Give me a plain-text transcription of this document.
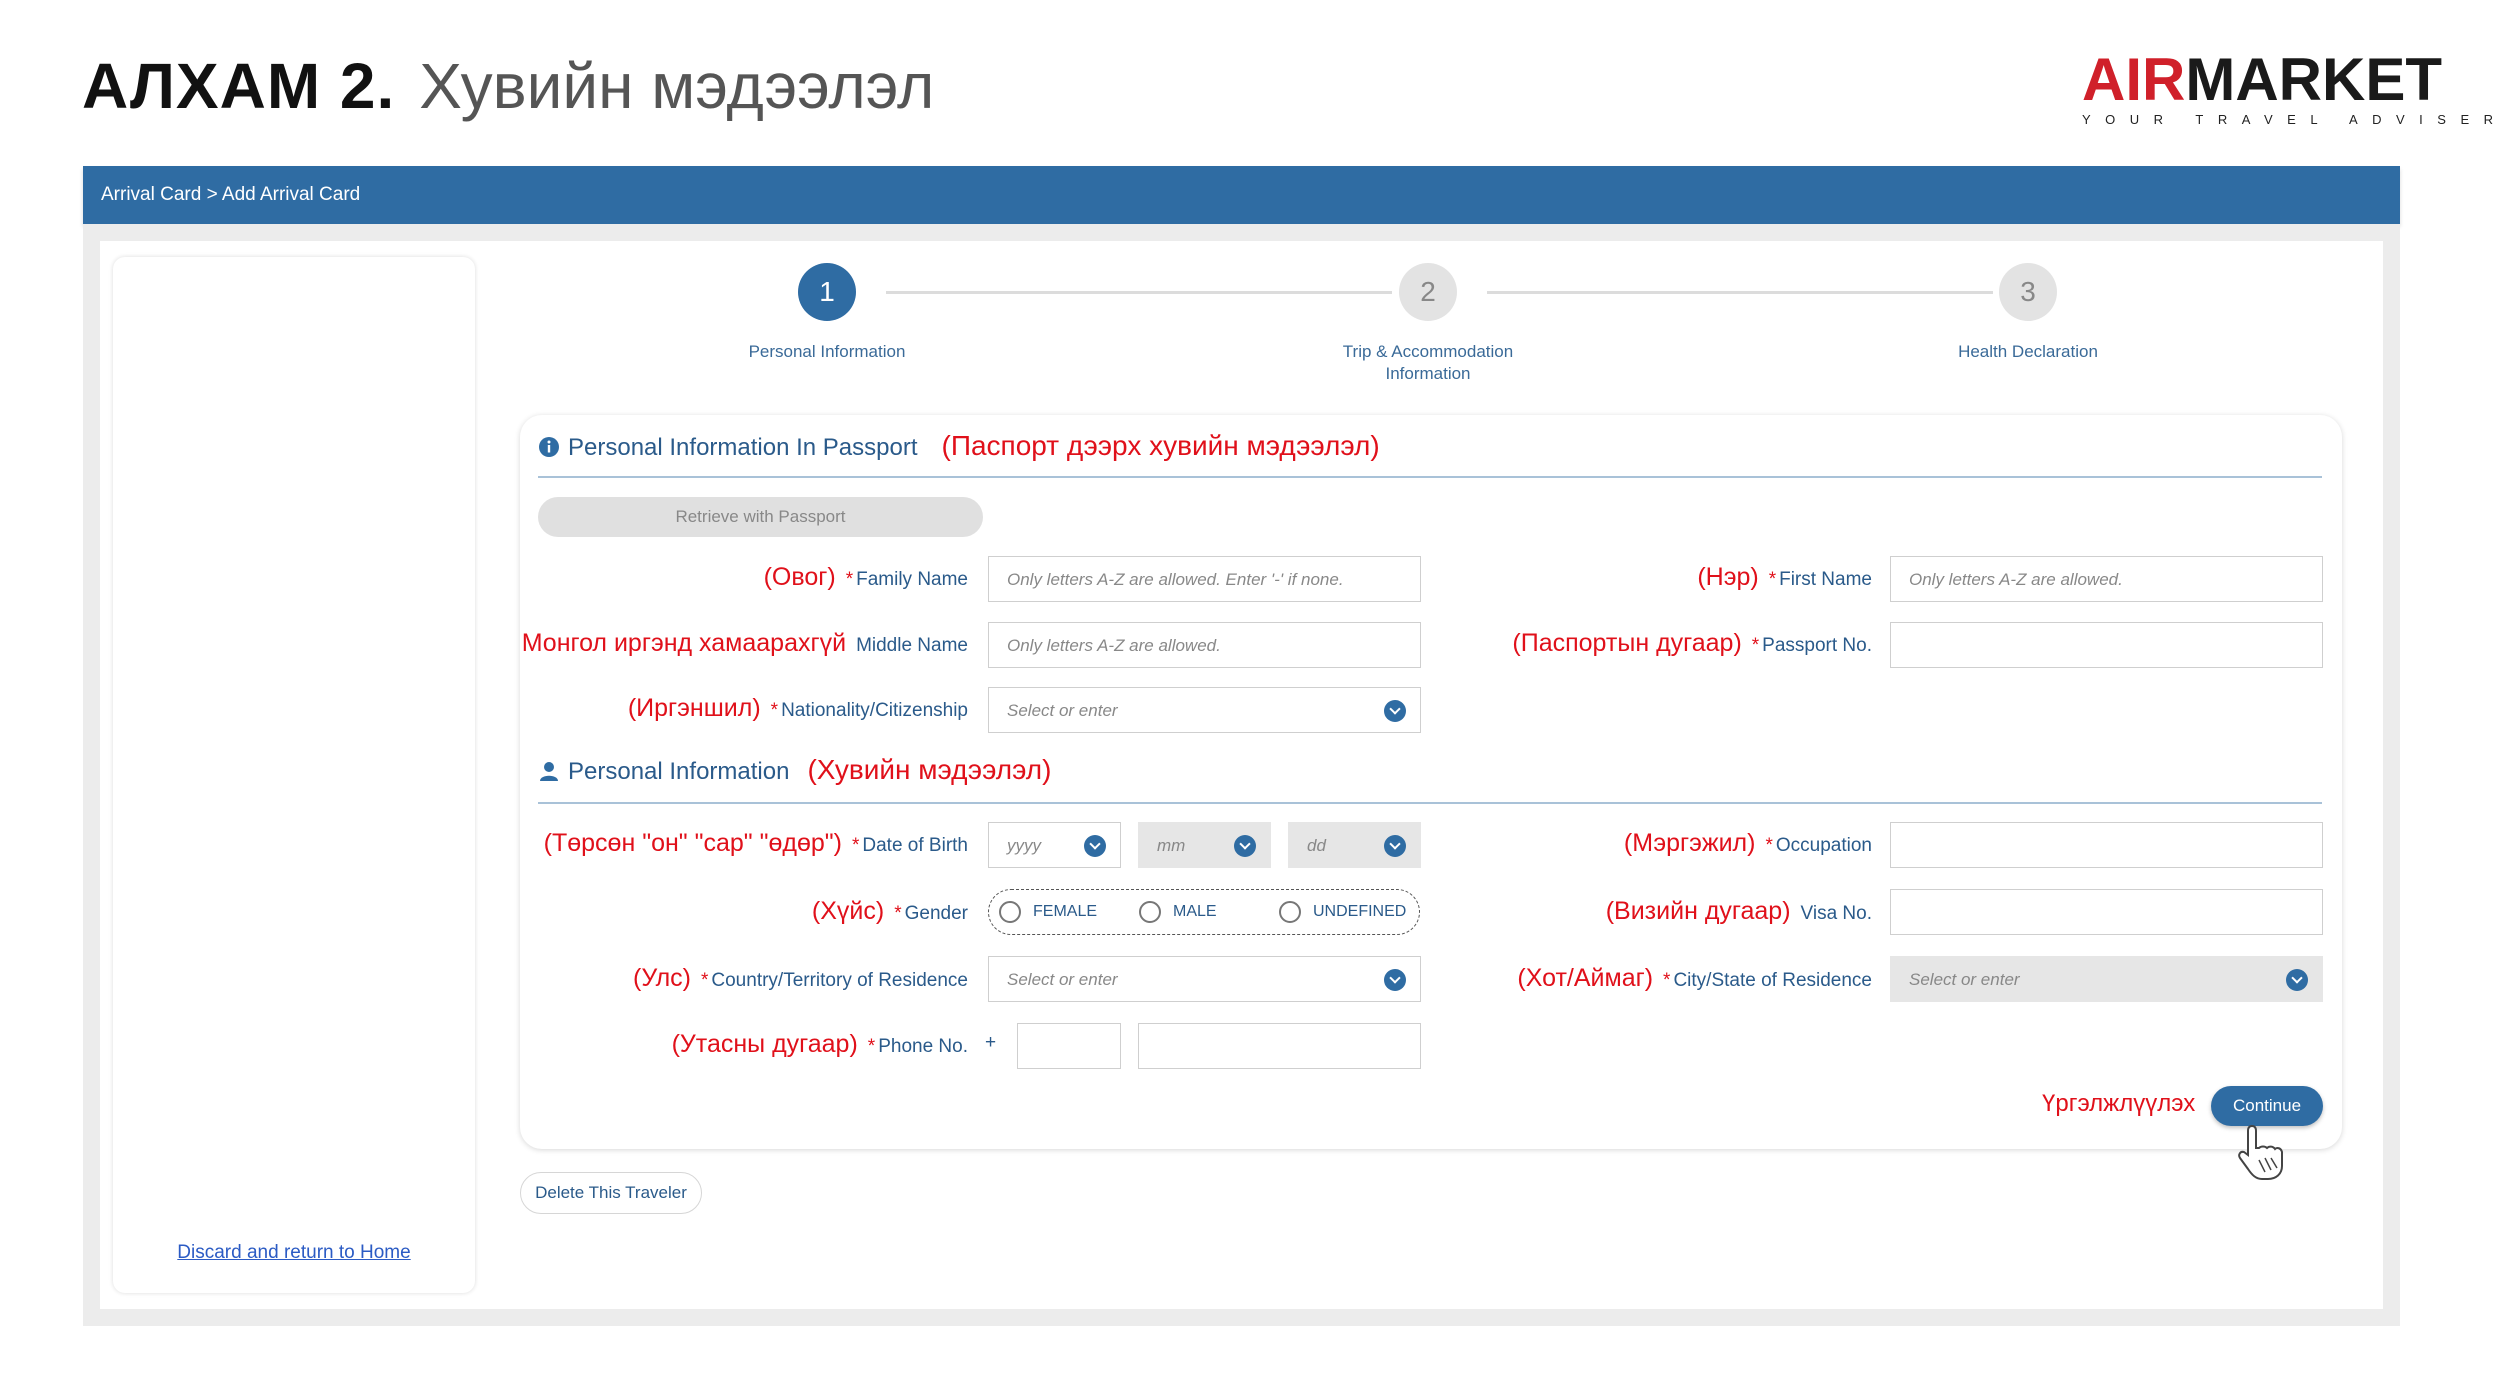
АЛХАМ 2. Хувийн мэдээлэл	AIRMARKET
YOUR TRAVEL ADVISER
Arrival Card > Add Arrival Card
Discard and return to Home
1	2	3
Personal Information	Trip & Accommodation
Information
Health Declaration
Personal Information In Passport (Паспорт дээрх хувийн мэдээлэл)
Retrieve with Passport
(Овог) * Family Name	Only letters A-Z are allowed. Enter '-' if none.	(Нэр) * First Name	Only letters A-Z are allowed.
Монгол иргэнд хамаарахгүй Middle Name	Only letters A-Z are allowed.	(Паспортын дугаар) * Passport No.
(Иргэншил) * Nationality/Citizenship	Select or enter
Personal Information (Хувийн мэдээлэл)
(Төрсөн "он" "сар" "өдөр") * Date of Birth	yyyy	mm	dd	(Мэргэжил) * Occupation
(Хүйс) * Gender	FEMALE	MALE	UNDEFINED	(Визийн дугаар) Visa No.
(Улс) * Country/Territory of Residence	Select or enter	(Хот/Аймаг) * City/State of Residence	Select or enter
(Утасны дугаар) * Phone No. +
Үргэлжлүүлэх	Continue
Delete This Traveler
